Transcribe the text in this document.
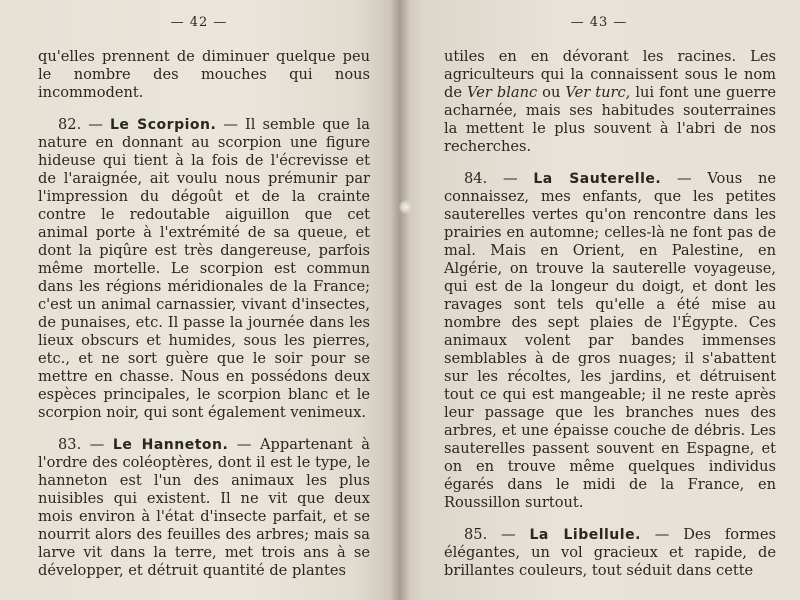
— 42 —

qu'elles prennent de diminuer quelque peu le nombre des mouches qui nous incommodent.

82. — Le Scorpion. — Il semble que la nature en donnant au scorpion une figure hideuse qui tient à la fois de l'écrevisse et de l'araignée, ait voulu nous prémunir par l'impression du dégoût et de la crainte contre le redoutable aiguillon que cet animal porte à l'extrémité de sa queue, et dont la piqûre est très dangereuse, parfois même mortelle. Le scorpion est commun dans les régions méridionales de la France; c'est un animal carnassier, vivant d'insectes, de punaises, etc. Il passe la journée dans les lieux obscurs et humides, sous les pierres, etc., et ne sort guère que le soir pour se mettre en chasse. Nous en possédons deux espèces principales, le scorpion blanc et le scorpion noir, qui sont également venimeux.

83. — Le Hanneton. — Appartenant à l'ordre des coléoptères, dont il est le type, le hanneton est l'un des animaux les plus nuisibles qui existent. Il ne vit que deux mois environ à l'état d'insecte parfait, et se nourrit alors des feuilles des arbres; mais sa larve vit dans la terre, met trois ans à se développer, et détruit quantité de plantes

— 43 —

utiles en en dévorant les racines. Les agriculteurs qui la connaissent sous le nom de Ver blanc ou Ver turc, lui font une guerre acharnée, mais ses habitudes souterraines la mettent le plus souvent à l'abri de nos recherches.

84. — La Sauterelle. — Vous ne connaissez, mes enfants, que les petites sauterelles vertes qu'on rencontre dans les prairies en automne; celles-là ne font pas de mal. Mais en Orient, en Palestine, en Algérie, on trouve la sauterelle voyageuse, qui est de la longeur du doigt, et dont les ravages sont tels qu'elle a été mise au nombre des sept plaies de l'Égypte. Ces animaux volent par bandes immenses semblables à de gros nuages; il s'abattent sur les récoltes, les jardins, et détruisent tout ce qui est mangeable; il ne reste après leur passage que les branches nues des arbres, et une épaisse couche de débris. Les sauterelles passent souvent en Espagne, et on en trouve même quelques individus égarés dans le midi de la France, en Roussillon surtout.

85. — La Libellule. — Des formes élégantes, un vol gracieux et rapide, de brillantes couleurs, tout séduit dans cette
